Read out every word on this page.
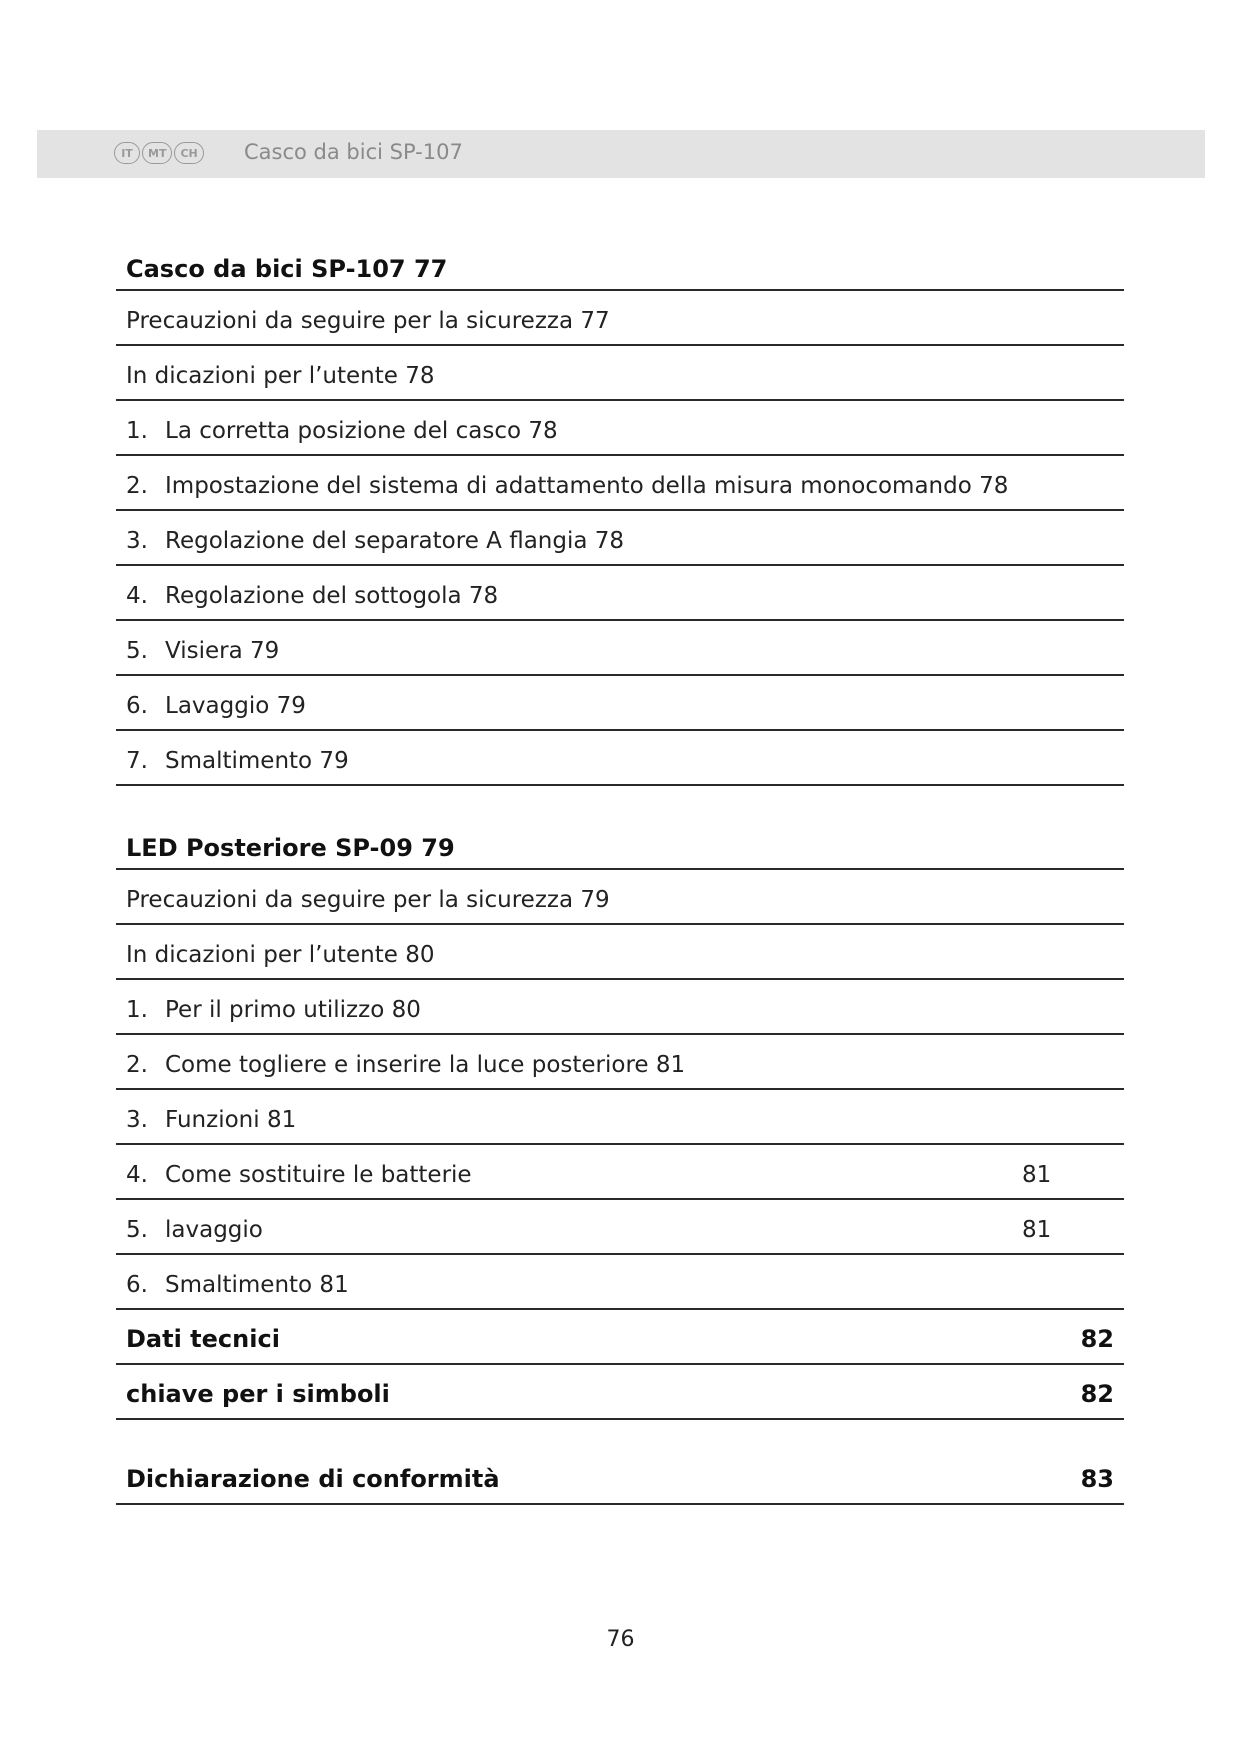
IT	MT	CH Casco da bici SP-107
Casco da bici SP-107 77
Precauzioni da seguire per la sicurezza 77
In dicazioni per l’utente 78
1. La corretta posizione del casco 78
2. Impostazione del sistema di adattamento della misura monocomando 78
3. Regolazione del separatore A flangia 78
4. Regolazione del sottogola 78
5. Visiera 79
6. Lavaggio 79
7. Smaltimento 79
LED Posteriore SP-09 79
Precauzioni da seguire per la sicurezza 79
In dicazioni per l’utente 80
1. Per il primo utilizzo 80
2. Come togliere e inserire la luce posteriore 81
3. Funzioni 81
4. Come sostituire le batterie	81
5. lavaggio	81
6. Smaltimento 81
Dati tecnici	82
chiave per i simboli	82
Dichiarazione di conformità	83
76
